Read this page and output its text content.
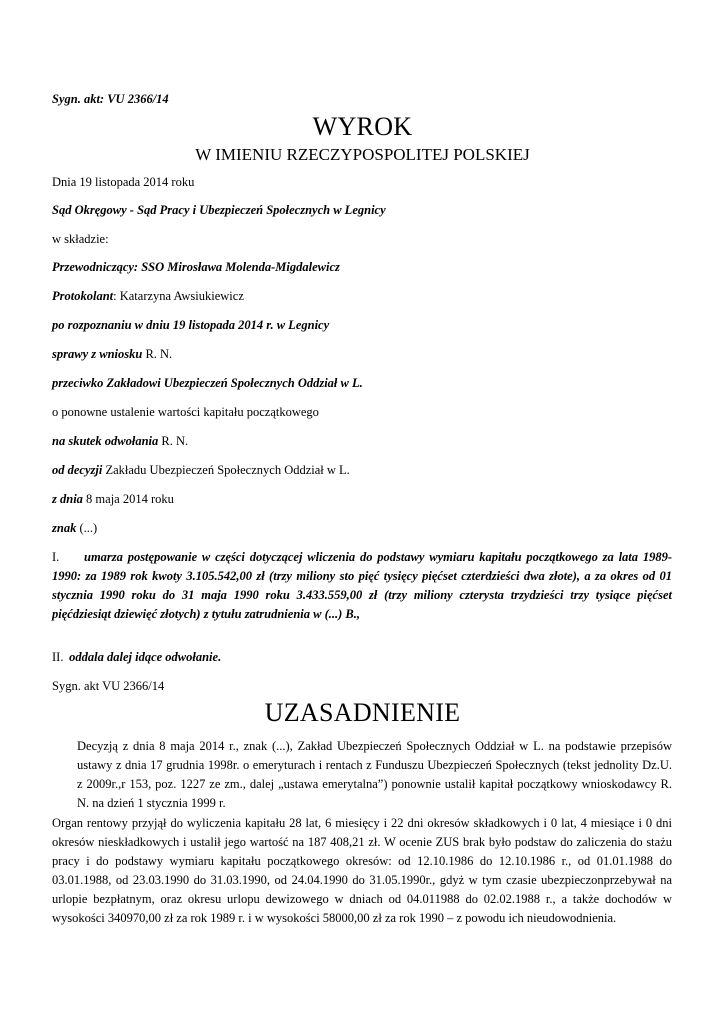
Sygn. akt: VU 2366/14
WYROK
W IMIENIU RZECZYPOSPOLITEJ POLSKIEJ
Dnia 19 listopada 2014 roku
Sąd Okręgowy - Sąd Pracy i Ubezpieczeń Społecznych w Legnicy
w składzie:
Przewodniczący: SSO Mirosława Molenda-Migdalewicz
Protokolant: Katarzyna Awsiukiewicz
po rozpoznaniu w dniu 19 listopada 2014 r. w Legnicy
sprawy z wniosku R. N.
przeciwko Zakładowi Ubezpieczeń Społecznych Oddział w L.
o ponowne ustalenie wartości kapitału początkowego
na skutek odwołania R. N.
od decyzji Zakładu Ubezpieczeń Społecznych Oddział w L.
z dnia 8 maja 2014 roku
znak (...)

I. umarza postępowanie w części dotyczącej wliczenia do podstawy wymiaru kapitału początkowego za lata 1989-1990: za 1989 rok kwoty 3.105.542,00 zł (trzy miliony sto pięć tysięcy pięćset czterdzieści dwa złote), a za okres od 01 stycznia 1990 roku do 31 maja 1990 roku 3.433.559,00 zł (trzy miliony czterysta trzydzieści trzy tysiące pięćset pięćdziesiąt dziewięć złotych) z tytułu zatrudnienia w (...) B.,

II. oddala dalej idące odwołanie.
Sygn. akt VU 2366/14
UZASADNIENIE

Decyzją z dnia 8 maja 2014 r., znak (...), Zakład Ubezpieczeń Społecznych Oddział w L. na podstawie przepisów ustawy z dnia 17 grudnia 1998r. o emeryturach i rentach z Funduszu Ubezpieczeń Społecznych (tekst jednolity Dz.U. z 2009r.,r 153, poz. 1227 ze zm., dalej „ustawa emerytalna”) ponownie ustalił kapitał początkowy wnioskodawcy R. N. na dzień 1 stycznia 1999 r.

Organ rentowy przyjął do wyliczenia kapitału 28 lat, 6 miesięcy i 22 dni okresów składkowych i 0 lat, 4 miesiące i 0 dni okresów nieskładkowych i ustalił jego wartość na 187 408,21 zł. W ocenie ZUS brak było podstaw do zaliczenia do stażu pracy i do podstawy wymiaru kapitału początkowego okresów: od 12.10.1986 do 12.10.1986 r., od 01.01.1988 do 03.01.1988, od 23.03.1990 do 31.03.1990, od 24.04.1990 do 31.05.1990r., gdyż w tym czasie ubezpieczonprzebywał na urlopie bezpłatnym, oraz okresu urlopu dewizowego w dniach od 04.011988 do 02.02.1988 r., a także dochodów w wysokości 340970,00 zł za rok 1989 r. i w wysokości 58000,00 zł za rok 1990 – z powodu ich nieudowodnienia.
